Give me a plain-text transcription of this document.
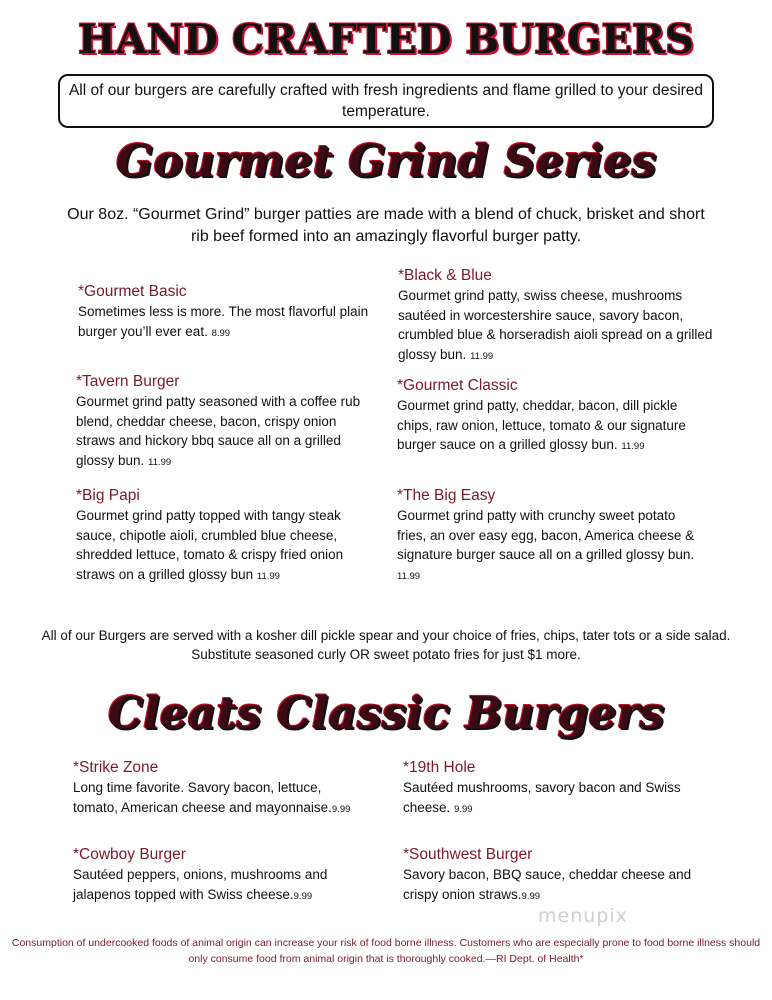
HAND CRAFTED BURGERS
All of our burgers are carefully crafted with fresh ingredients and flame grilled to your desired temperature.
Gourmet Grind Series
Our 8oz. “Gourmet Grind” burger patties are made with a blend of chuck, brisket and short rib beef formed into an amazingly flavorful burger patty.
*Gourmet Basic
Sometimes less is more. The most flavorful plain burger you’ll ever eat. 8.99
*Black & Blue
Gourmet grind patty, swiss cheese, mushrooms sautéed in worcestershire sauce, savory bacon, crumbled blue & horseradish aioli spread on a grilled glossy bun. 11.99
*Tavern Burger
Gourmet grind patty seasoned with a coffee rub blend, cheddar cheese, bacon, crispy onion straws and hickory bbq sauce all on a grilled glossy bun. 11.99
*Gourmet Classic
Gourmet grind patty, cheddar, bacon, dill pickle chips, raw onion, lettuce, tomato & our signature burger sauce on a grilled glossy bun. 11.99
*Big Papi
Gourmet grind patty topped with tangy steak sauce, chipotle aioli, crumbled blue cheese, shredded lettuce, tomato & crispy fried onion straws on a grilled glossy bun 11.99
*The Big Easy
Gourmet grind patty with crunchy sweet potato fries, an over easy egg, bacon, America cheese & signature burger sauce all on a grilled glossy bun. 11.99
All of our Burgers are served with a kosher dill pickle spear and your choice of fries, chips, tater tots or a side salad. Substitute seasoned curly OR sweet potato fries for just $1 more.
Cleats Classic Burgers
*Strike Zone
Long time favorite. Savory bacon, lettuce, tomato, American cheese and mayonnaise.9.99
*19th Hole
Sautéed mushrooms, savory bacon and Swiss cheese. 9.99
*Cowboy Burger
Sautéed peppers, onions, mushrooms and jalapenos topped with Swiss cheese.9.99
*Southwest Burger
Savory bacon, BBQ sauce, cheddar cheese and crispy onion straws.9.99
menupix
Consumption of undercooked foods of animal origin can increase your risk of food borne illness. Customers who are especially prone to food borne illness should only consume food from animal origin that is thoroughly cooked.—RI Dept. of Health*
